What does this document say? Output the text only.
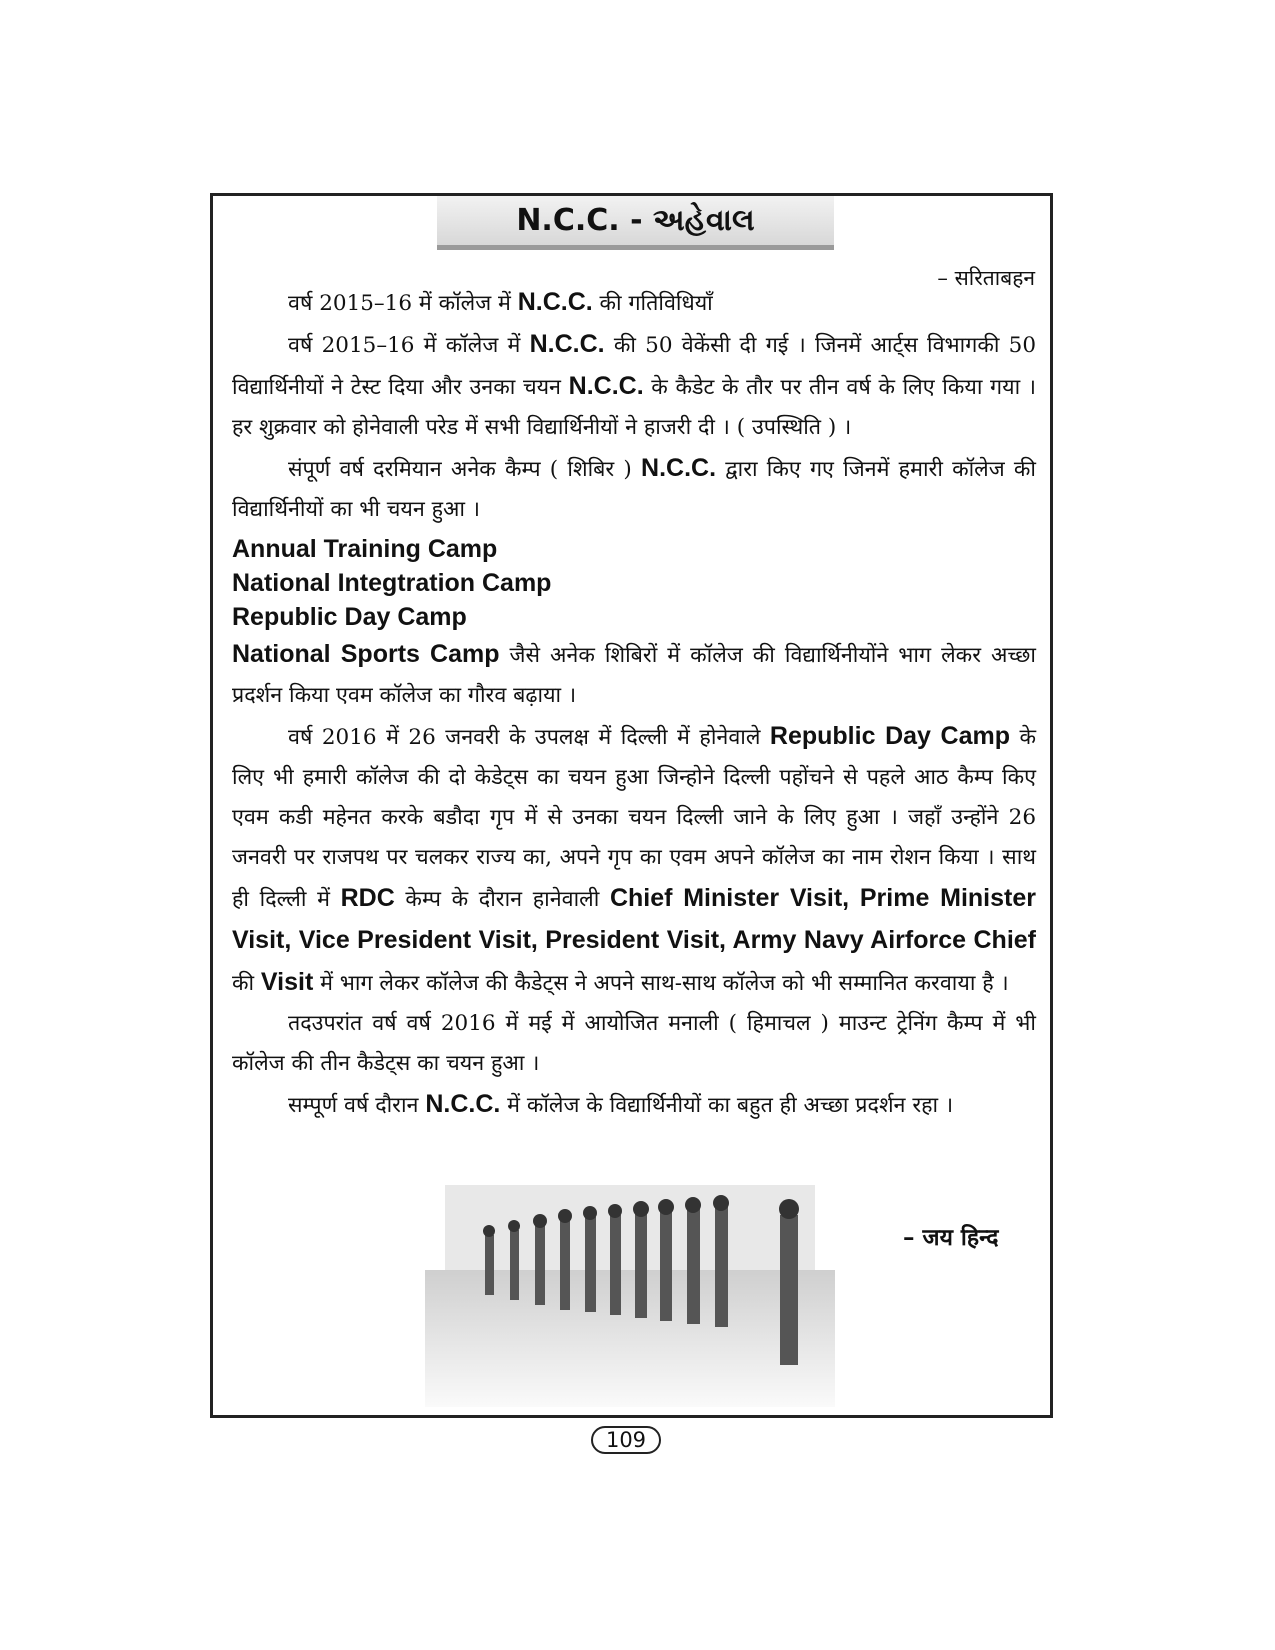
N.C.C. - અહેવાલ
– सरिताबहन

वर्ष 2015–16 में कॉलेज में N.C.C. की गतिविधियाँ

वर्ष 2015–16 में कॉलेज में N.C.C. की 50 वेकेंसी दी गई । जिनमें आर्ट्स विभागकी 50 विद्यार्थिनीयों ने टेस्ट दिया और उनका चयन N.C.C. के कैडेट के तौर पर तीन वर्ष के लिए किया गया । हर शुक्रवार को होनेवाली परेड में सभी विद्यार्थिनीयों ने हाजरी दी । ( उपस्थिति ) ।

संपूर्ण वर्ष दरमियान अनेक कैम्प ( शिबिर ) N.C.C. द्वारा किए गए जिनमें हमारी कॉलेज की विद्यार्थिनीयों का भी चयन हुआ ।

Annual Training Camp
National Integtration Camp
Republic Day Camp

National Sports Camp जैसे अनेक शिबिरों में कॉलेज की विद्यार्थिनीयोंने भाग लेकर अच्छा प्रदर्शन किया एवम कॉलेज का गौरव बढ़ाया ।

वर्ष 2016 में 26 जनवरी के उपलक्ष में दिल्ली में होनेवाले Republic Day Camp के लिए भी हमारी कॉलेज की दो केडेट्स का चयन हुआ जिन्होने दिल्ली पहोंचने से पहले आठ कैम्प किए एवम कडी महेनत करके बडौदा गृप में से उनका चयन दिल्ली जाने के लिए हुआ । जहाँ उन्होंने 26 जनवरी पर राजपथ पर चलकर राज्य का, अपने गृप का एवम अपने कॉलेज का नाम रोशन किया । साथ ही दिल्ली में RDC केम्प के दौरान हानेवाली Chief Minister Visit, Prime Minister Visit, Vice President Visit, President Visit, Army Navy Airforce Chief की Visit में भाग लेकर कॉलेज की कैडेट्स ने अपने साथ-साथ कॉलेज को भी सम्मानित करवाया है ।

तदउपरांत वर्ष वर्ष 2016 में मई में आयोजित मनाली ( हिमाचल ) माउन्ट ट्रेनिंग कैम्प में भी कॉलेज की तीन कैडेट्स का चयन हुआ ।

सम्पूर्ण वर्ष दौरान N.C.C. में कॉलेज के विद्यार्थिनीयों का बहुत ही अच्छा प्रदर्शन रहा ।

– जय हिन्द
109
